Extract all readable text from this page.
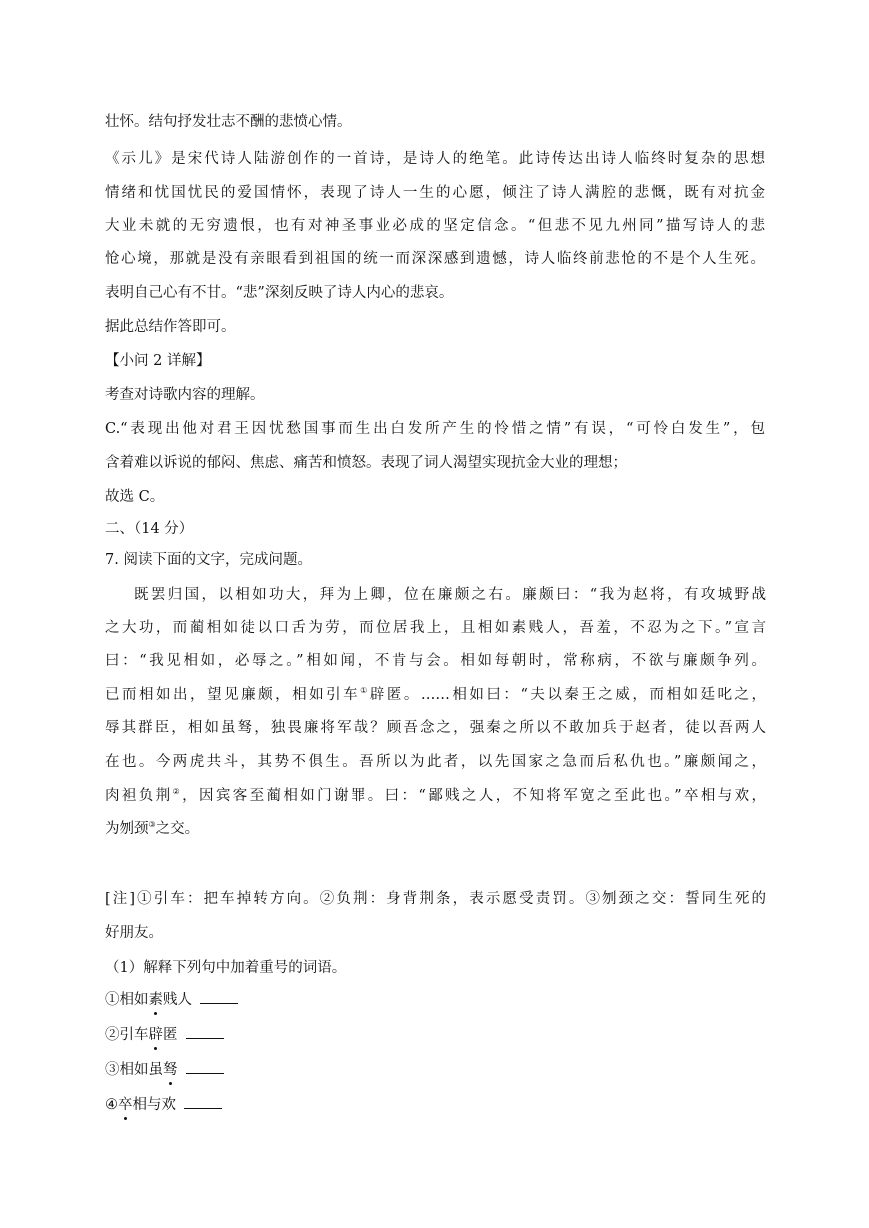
壮怀。结句抒发壮志不酬的悲愤心情。
《示儿》是宋代诗人陆游创作的一首诗，是诗人的绝笔。此诗传达出诗人临终时复杂的思想
情绪和忧国忧民的爱国情怀，表现了诗人一生的心愿，倾注了诗人满腔的悲慨，既有对抗金
大业未就的无穷遗恨，也有对神圣事业必成的坚定信念。“但悲不见九州同”描写诗人的悲
怆心境，那就是没有亲眼看到祖国的统一而深深感到遗憾，诗人临终前悲怆的不是个人生死。
表明自己心有不甘。“悲”深刻反映了诗人内心的悲哀。
据此总结作答即可。
【小问 2 详解】
考查对诗歌内容的理解。
C.“表现出他对君王因忧愁国事而生出白发所产生的怜惜之情”有误，“可怜白发生”，包
含着难以诉说的郁闷、焦虑、痛苦和愤怒。表现了词人渴望实现抗金大业的理想；
故选 C。
二、（14 分）
7. 阅读下面的文字，完成问题。
既罢归国，以相如功大，拜为上卿，位在廉颇之右。廉颇曰：“我为赵将，有攻城野战
之大功，而蔺相如徒以口舌为劳，而位居我上，且相如素贱人，吾羞，不忍为之下。”宣言
曰：“我见相如，必辱之。”相如闻，不肯与会。相如每朝时，常称病，不欲与廉颇争列。
已而相如出，望见廉颇，相如引车①辟匿。……相如曰：“夫以秦王之威，而相如廷叱之，
辱其群臣，相如虽驽，独畏廉将军哉？顾吾念之，强秦之所以不敢加兵于赵者，徒以吾两人
在也。今两虎共斗，其势不俱生。吾所以为此者，以先国家之急而后私仇也。”廉颇闻之，
肉袒负荆②，因宾客至蔺相如门谢罪。曰：“鄙贱之人，不知将军宽之至此也。”卒相与欢，
为刎颈③之交。
[注]①引车：把车掉转方向。②负荆：身背荆条，表示愿受责罚。③刎颈之交：誓同生死的
好朋友。
（1）解释下列句中加着重号的词语。
①相如素贱人
②引车辟匿
③相如虽驽
④卒相与欢
